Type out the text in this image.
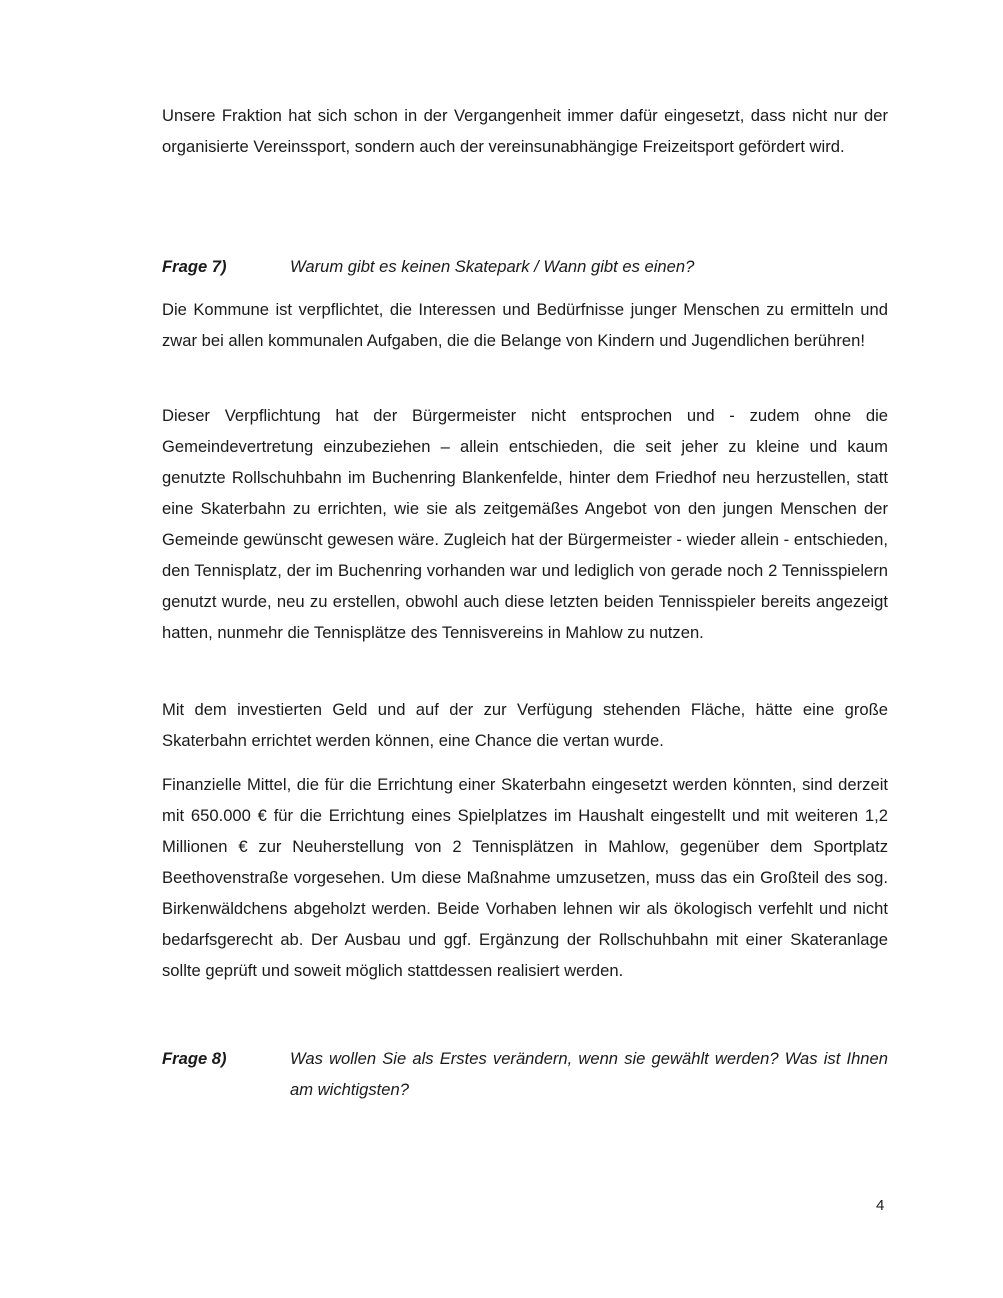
Unsere Fraktion hat sich schon in der Vergangenheit immer dafür eingesetzt, dass nicht nur der organisierte Vereinssport, sondern auch der vereinsunabhängige Freizeitsport gefördert wird.

Frage 7)	Warum gibt es keinen Skatepark / Wann gibt es einen?

Die Kommune ist verpflichtet, die Interessen und Bedürfnisse junger Menschen zu ermitteln und zwar bei allen kommunalen Aufgaben, die die Belange von Kindern und Jugendlichen berühren!

Dieser Verpflichtung hat der Bürgermeister nicht entsprochen und - zudem ohne die Gemeindevertretung einzubeziehen – allein entschieden, die seit jeher zu kleine und kaum genutzte Rollschuhbahn im Buchenring Blankenfelde, hinter dem Friedhof neu herzustellen, statt eine Skaterbahn zu errichten, wie sie als zeitgemäßes Angebot von den jungen Menschen der Gemeinde gewünscht gewesen wäre. Zugleich hat der Bürgermeister - wieder allein - entschieden, den Tennisplatz, der im Buchenring vorhanden war und lediglich von gerade noch 2 Tennisspielern genutzt wurde, neu zu erstellen, obwohl auch diese letzten beiden Tennisspieler bereits angezeigt hatten, nunmehr die Tennisplätze des Tennisvereins in Mahlow zu nutzen.

Mit dem investierten Geld und auf der zur Verfügung stehenden Fläche, hätte eine große Skaterbahn errichtet werden können, eine Chance die vertan wurde.

Finanzielle Mittel, die für die Errichtung einer Skaterbahn eingesetzt werden könnten, sind derzeit mit 650.000 € für die Errichtung eines Spielplatzes im Haushalt eingestellt und mit weiteren 1,2 Millionen € zur Neuherstellung von 2 Tennisplätzen in Mahlow, gegenüber dem Sportplatz Beethovenstraße vorgesehen. Um diese Maßnahme umzusetzen, muss das ein Großteil des sog. Birkenwäldchens abgeholzt werden. Beide Vorhaben lehnen wir als ökologisch verfehlt und nicht bedarfsgerecht ab. Der Ausbau und ggf. Ergänzung der Rollschuhbahn mit einer Skateranlage sollte geprüft und soweit möglich stattdessen realisiert werden.

Frage 8)	Was wollen Sie als Erstes verändern, wenn sie gewählt werden? Was ist Ihnen am wichtigsten?
4
